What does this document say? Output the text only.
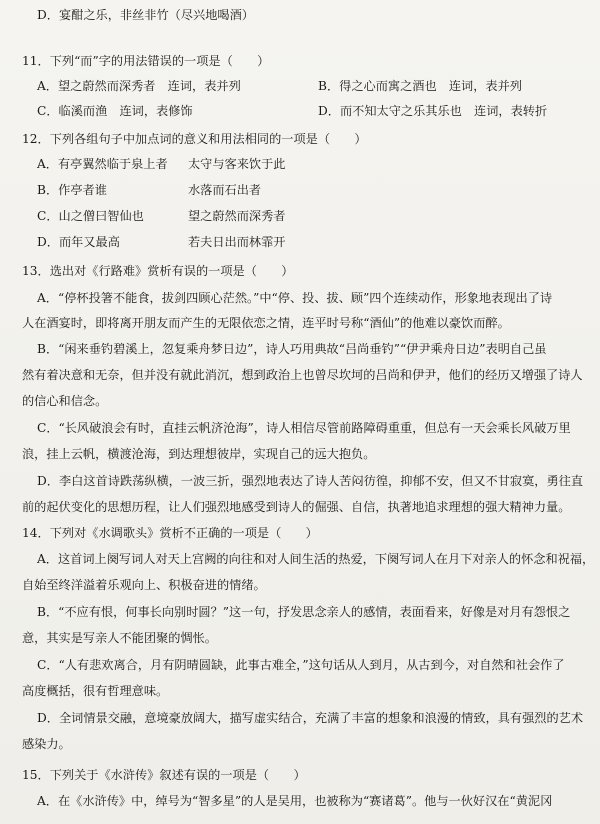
D．宴酣之乐，非丝非竹（尽兴地喝酒）
11．下列“而”字的用法错误的一项是（　　）
A．望之蔚然而深秀者　连词，表并列	B．得之心而寓之酒也　连词，表并列
C．临溪而渔　连词，表修饰	D．而不知太守之乐其乐也　连词，表转折
12．下列各组句子中加点词的意义和用法相同的一项是（　　）
A．有亭翼然临于泉上者 太守与客来饮于此
B．作亭者谁	水落而石出者
C．山之僧曰智仙也	望之蔚然而深秀者
D．而年又最高	若夫日出而林霏开
13．选出对《行路难》赏析有误的一项是（　　）
A．“停杯投箸不能食，拔剑四顾心茫然。”中“停、投、拔、顾”四个连续动作，形象地表现出了诗
人在酒宴时，即将离开朋友而产生的无限依恋之情，连平时号称“酒仙”的他难以豪饮而醉。
B．“闲来垂钓碧溪上，忽复乘舟梦日边”，诗人巧用典故“吕尚垂钓”“伊尹乘舟日边”表明自己虽
然有着决意和无奈，但并没有就此消沉，想到政治上也曾尽坎坷的吕尚和伊尹，他们的经历又增强了诗人
的信心和信念。
C．“长风破浪会有时，直挂云帆济沧海”，诗人相信尽管前路障碍重重，但总有一天会乘长风破万里
浪，挂上云帆，横渡沧海，到达理想彼岸，实现自己的远大抱负。
D．李白这首诗跌荡纵横，一波三折，强烈地表达了诗人苦闷彷徨，抑郁不安，但又不甘寂寞，勇往直
前的起伏变化的思想历程，让人们强烈地感受到诗人的倔强、自信，执著地追求理想的强大精神力量。
14．下列对《水调歌头》赏析不正确的一项是（　　）
A．这首词上阕写词人对天上宫阙的向往和对人间生活的热爱，下阕写词人在月下对亲人的怀念和祝福，
自始至终洋溢着乐观向上、积极奋进的情绪。
B．“不应有恨，何事长向别时圆？”这一句，抒发思念亲人的感情，表面看来，好像是对月有怨恨之
意，其实是写亲人不能团聚的惆怅。
C．“人有悲欢离合，月有阴晴圆缺，此事古难全，”这句话从人到月，从古到今，对自然和社会作了
高度概括，很有哲理意味。
D．全词情景交融，意境豪放阔大，描写虚实结合，充满了丰富的想象和浪漫的情致，具有强烈的艺术
感染力。
15．下列关于《水浒传》叙述有误的一项是（　　）
A．在《水浒传》中，绰号为“智多星”的人是吴用，也被称为“赛诸葛”。他与一伙好汉在“黄泥冈
